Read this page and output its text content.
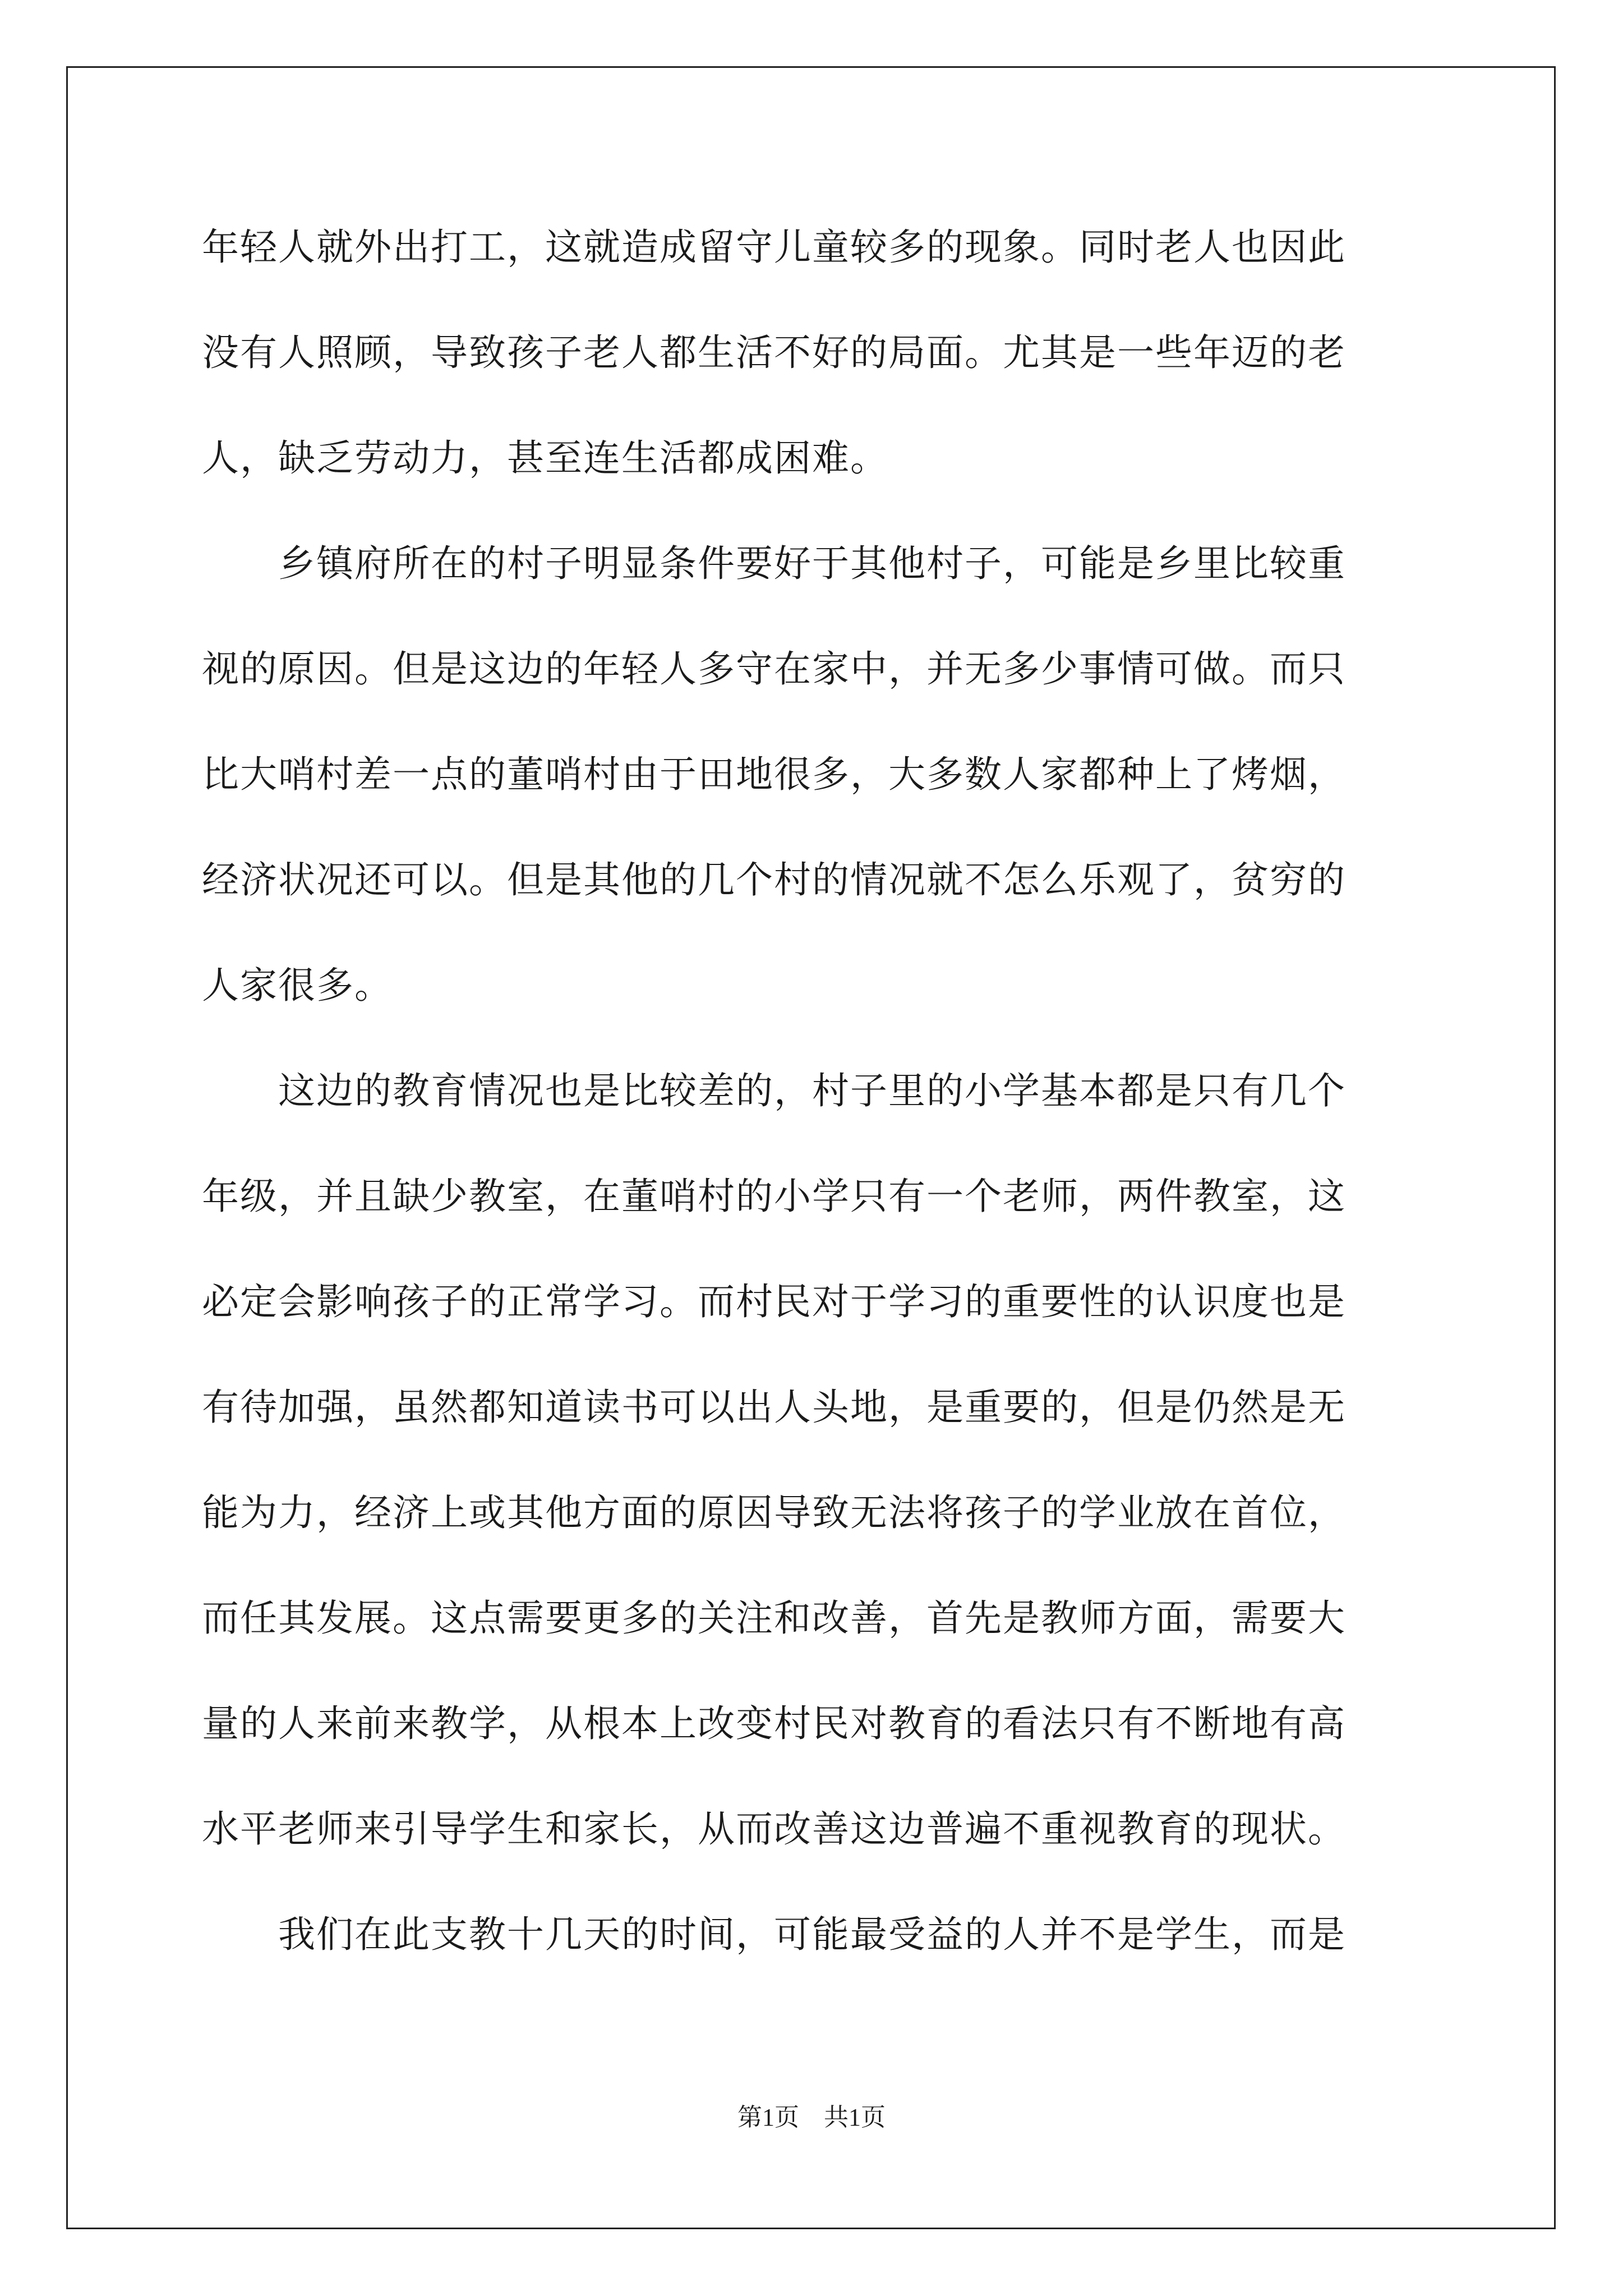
年轻人就外出打工，这就造成留守儿童较多的现象。同时老人也因此
没有人照顾，导致孩子老人都生活不好的局面。尤其是一些年迈的老
人，缺乏劳动力，甚至连生活都成困难。
　　乡镇府所在的村子明显条件要好于其他村子，可能是乡里比较重
视的原因。但是这边的年轻人多守在家中，并无多少事情可做。而只
比大哨村差一点的董哨村由于田地很多，大多数人家都种上了烤烟，
经济状况还可以。但是其他的几个村的情况就不怎么乐观了，贫穷的
人家很多。
　　这边的教育情况也是比较差的，村子里的小学基本都是只有几个
年级，并且缺少教室，在董哨村的小学只有一个老师，两件教室，这
必定会影响孩子的正常学习。而村民对于学习的重要性的认识度也是
有待加强，虽然都知道读书可以出人头地，是重要的，但是仍然是无
能为力，经济上或其他方面的原因导致无法将孩子的学业放在首位，
而任其发展。这点需要更多的关注和改善，首先是教师方面，需要大
量的人来前来教学，从根本上改变村民对教育的看法只有不断地有高
水平老师来引导学生和家长，从而改善这边普遍不重视教育的现状。
　　我们在此支教十几天的时间，可能最受益的人并不是学生，而是
第1页　共1页
